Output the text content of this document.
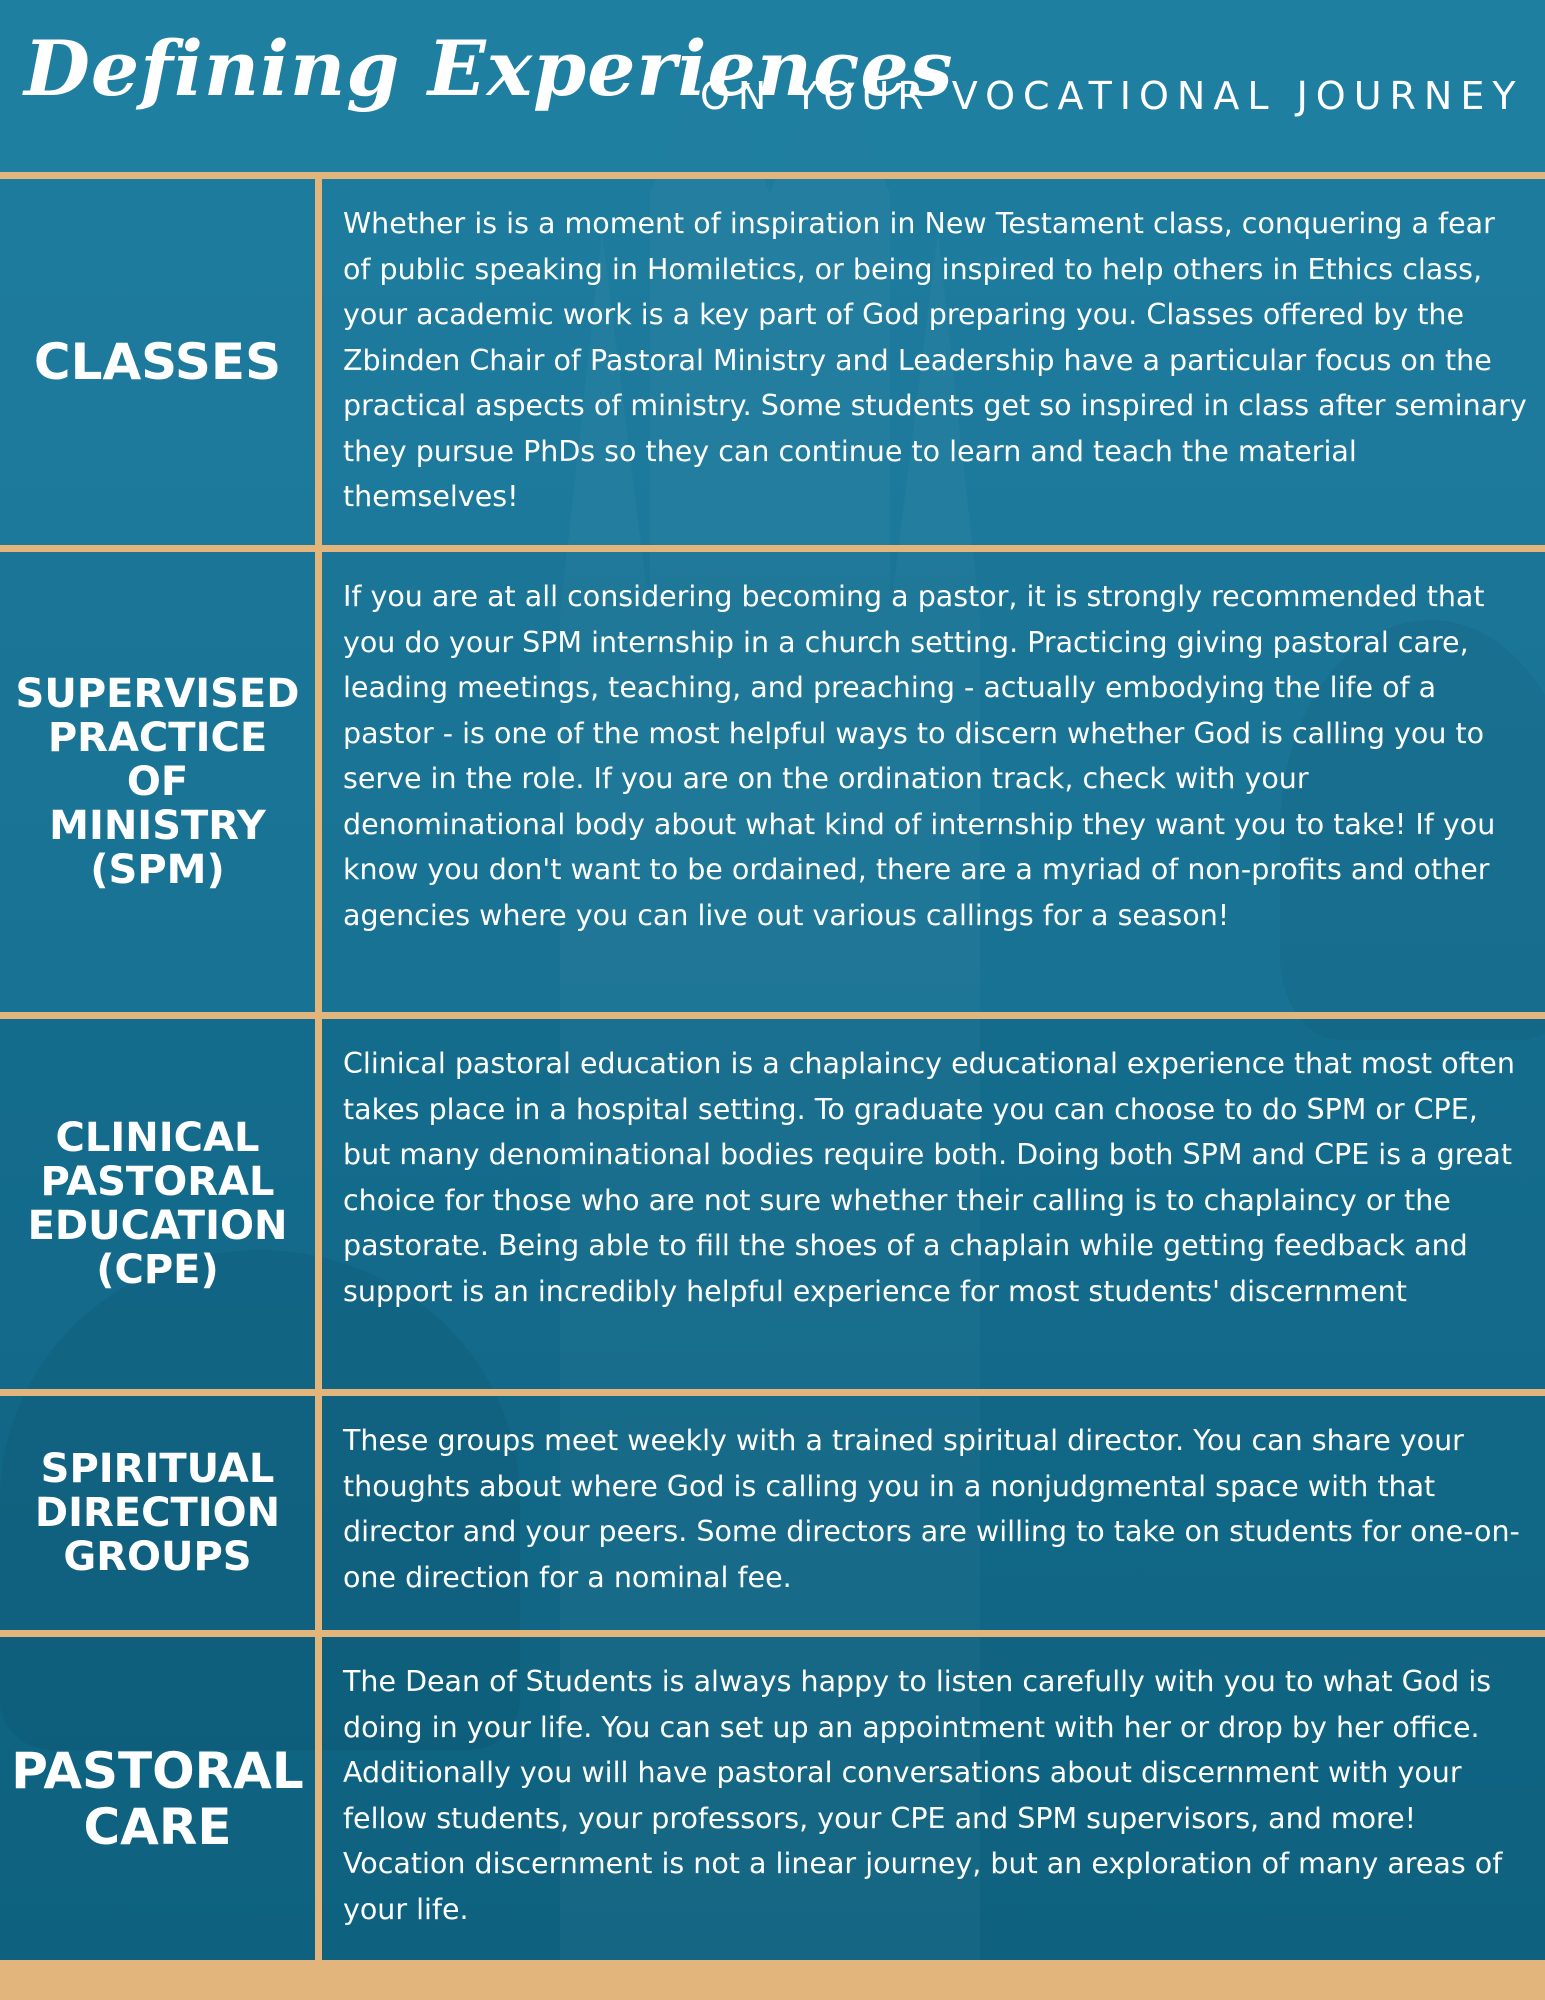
Defining Experiences
ON YOUR VOCATIONAL JOURNEY
CLASSES
Whether is is a moment of inspiration in New Testament class, conquering a fear of public speaking in Homiletics, or being inspired to help others in Ethics class, your academic work is a key part of God preparing you. Classes offered by the Zbinden Chair of Pastoral Ministry and Leadership have a particular focus on the practical aspects of ministry. Some students get so inspired in class after seminary they pursue PhDs so they can continue to learn and teach the material themselves!
SUPERVISED PRACTICE OF MINISTRY (SPM)
If you are at all considering becoming a pastor, it is strongly recommended that you do your SPM internship in a church setting. Practicing giving pastoral care, leading meetings, teaching, and preaching - actually embodying the life of a pastor - is one of the most helpful ways to discern whether God is calling you to serve in the role. If you are on the ordination track, check with your denominational body about what kind of internship they want you to take! If you know you don't want to be ordained, there are a myriad of non-profits and other agencies where you can live out various callings for a season!
CLINICAL PASTORAL EDUCATION (CPE)
Clinical pastoral education is a chaplaincy educational experience that most often takes place in a hospital setting. To graduate you can choose to do SPM or CPE, but many denominational bodies require both. Doing both SPM and CPE is a great choice for those who are not sure whether their calling is to chaplaincy or the pastorate. Being able to fill the shoes of a chaplain while getting feedback and support is an incredibly helpful experience for most students' discernment
SPIRITUAL DIRECTION GROUPS
These groups meet weekly with a trained spiritual director. You can share your thoughts about where God is calling you in a nonjudgmental space with that director and your peers. Some directors are willing to take on students for one-on-one direction for a nominal fee.
PASTORAL CARE
The Dean of Students is always happy to listen carefully with you to what God is doing in your life. You can set up an appointment with her or drop by her office. Additionally you will have pastoral conversations about discernment with your fellow students, your professors, your CPE and SPM supervisors, and more! Vocation discernment is not a linear journey, but an exploration of many areas of your life.
